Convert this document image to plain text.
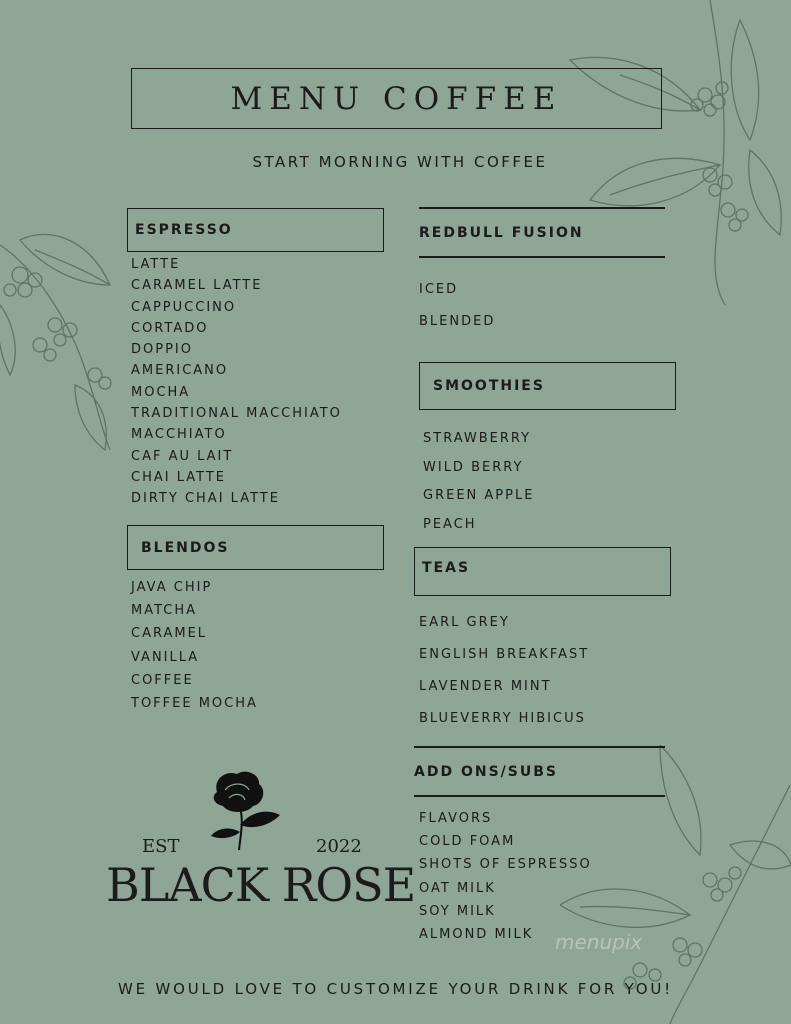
MENU COFFEE
START MORNING WITH COFFEE
ESPRESSO
LATTE
CARAMEL LATTE
CAPPUCCINO
CORTADO
DOPPIO
AMERICANO
MOCHA
TRADITIONAL MACCHIATO
MACCHIATO
CAF AU LAIT
CHAI LATTE
DIRTY CHAI LATTE
BLENDOS
JAVA CHIP
MATCHA
CARAMEL
VANILLA
COFFEE
TOFFEE MOCHA
REDBULL FUSION
ICED
BLENDED
SMOOTHIES
STRAWBERRY
WILD BERRY
GREEN APPLE
PEACH
TEAS
EARL GREY
ENGLISH BREAKFAST
LAVENDER MINT
BLUEVERRY HIBICUS
ADD ONS/SUBS
FLAVORS
COLD FOAM
SHOTS OF ESPRESSO
OAT MILK
SOY MILK
ALMOND MILK
EST	2022
BLACK ROSE
menupix
WE WOULD LOVE TO CUSTOMIZE YOUR DRINK FOR YOU!
